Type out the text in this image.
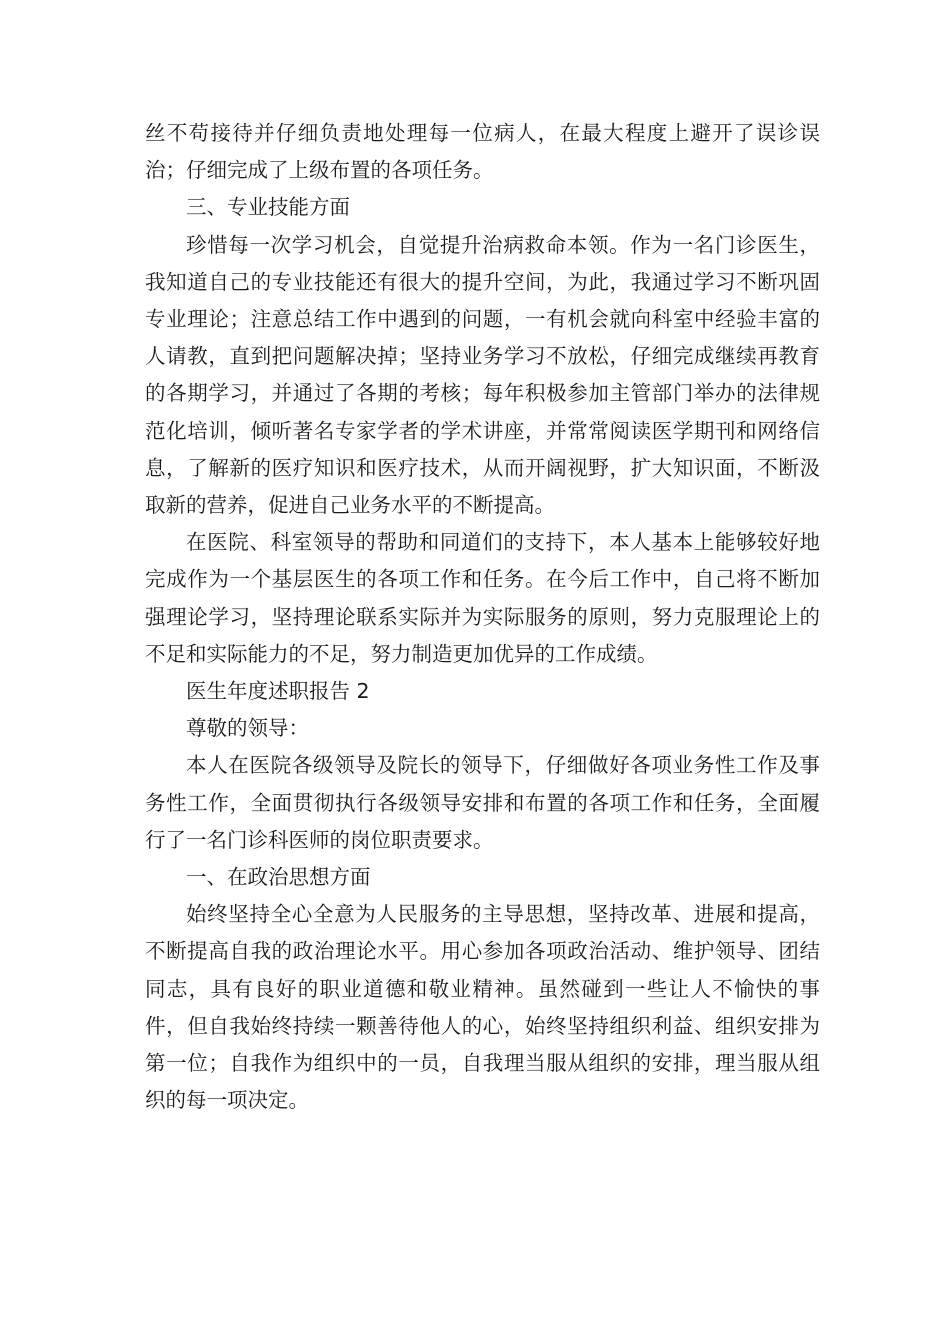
丝不苟接待并仔细负责地处理每一位病人，在最大程度上避开了误诊误治；仔细完成了上级布置的各项任务。

三、专业技能方面

珍惜每一次学习机会，自觉提升治病救命本领。作为一名门诊医生，我知道自己的专业技能还有很大的提升空间，为此，我通过学习不断巩固专业理论；注意总结工作中遇到的问题，一有机会就向科室中经验丰富的人请教，直到把问题解决掉；坚持业务学习不放松，仔细完成继续再教育的各期学习，并通过了各期的考核；每年积极参加主管部门举办的法律规范化培训，倾听著名专家学者的学术讲座，并常常阅读医学期刊和网络信息，了解新的医疗知识和医疗技术，从而开阔视野，扩大知识面，不断汲取新的营养，促进自己业务水平的不断提高。

在医院、科室领导的帮助和同道们的支持下，本人基本上能够较好地完成作为一个基层医生的各项工作和任务。在今后工作中，自己将不断加强理论学习，坚持理论联系实际并为实际服务的原则，努力克服理论上的不足和实际能力的不足，努力制造更加优异的工作成绩。

医生年度述职报告 2

尊敬的领导：

本人在医院各级领导及院长的领导下，仔细做好各项业务性工作及事务性工作，全面贯彻执行各级领导安排和布置的各项工作和任务，全面履行了一名门诊科医师的岗位职责要求。

一、在政治思想方面

始终坚持全心全意为人民服务的主导思想，坚持改革、进展和提高，不断提高自我的政治理论水平。用心参加各项政治活动、维护领导、团结同志，具有良好的职业道德和敬业精神。虽然碰到一些让人不愉快的事件，但自我始终持续一颗善待他人的心，始终坚持组织利益、组织安排为第一位；自我作为组织中的一员，自我理当服从组织的安排，理当服从组织的每一项决定。
